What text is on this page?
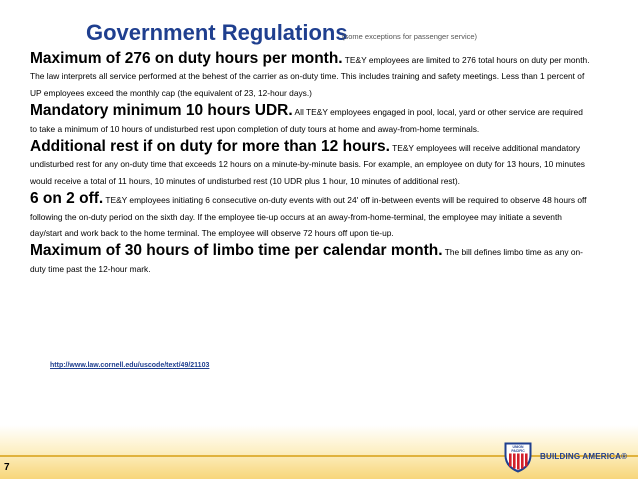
Government Regulations
(some exceptions for passenger service)

Maximum of 276 on duty hours per month. TE&Y employees are limited to 276 total hours on duty per month. The law interprets all service performed at the behest of the carrier as on-duty time. This includes training and safety meetings. Less than 1 percent of UP employees exceed the monthly cap (the equivalent of 23, 12-hour days.)

Mandatory minimum 10 hours UDR. All TE&Y employees engaged in pool, local, yard or other service are required to take a minimum of 10 hours of undisturbed rest upon completion of duty tours at home and away-from-home terminals.

Additional rest if on duty for more than 12 hours. TE&Y employees will receive additional mandatory undisturbed rest for any on-duty time that exceeds 12 hours on a minute-by-minute basis. For example, an employee on duty for 13 hours, 10 minutes would receive a total of 11 hours, 10 minutes of undisturbed rest (10 UDR plus 1 hour, 10 minutes of additional rest).

6 on 2 off. TE&Y employees initiating 6 consecutive on-duty events with out 24' off in-between events will be required to observe 48 hours off following the on-duty period on the sixth day. If the employee tie-up occurs at an away-from-home-terminal, the employee may initiate a seventh day/start and work back to the home terminal. The employee will observe 72 hours off upon tie-up.

Maximum of 30 hours of limbo time per calendar month. The bill defines limbo time as any on-duty time past the 12-hour mark.

http://www.law.cornell.edu/uscode/text/49/21103
7
UNION
PACIFIC
BUILDING AMERICA®
